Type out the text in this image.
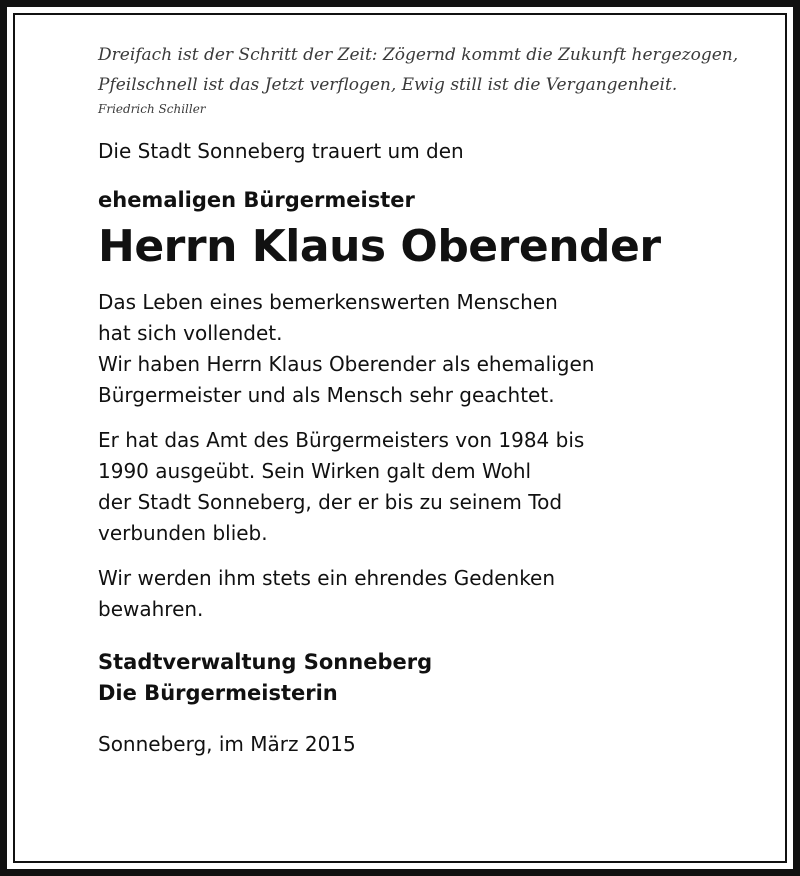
Dreifach ist der Schritt der Zeit: Zögernd kommt die Zukunft hergezogen,
Pfeilschnell ist das Jetzt verflogen, Ewig still ist die Vergangenheit.
Friedrich Schiller

Die Stadt Sonneberg trauert um den

ehemaligen Bürgermeister
Herrn Klaus Oberender

Das Leben eines bemerkenswerten Menschen
hat sich vollendet.
Wir haben Herrn Klaus Oberender als ehemaligen
Bürgermeister und als Mensch sehr geachtet.

Er hat das Amt des Bürgermeisters von 1984 bis
1990 ausgeübt. Sein Wirken galt dem Wohl
der Stadt Sonneberg, der er bis zu seinem Tod
verbunden blieb.

Wir werden ihm stets ein ehrendes Gedenken
bewahren.

Stadtverwaltung Sonneberg
Die Bürgermeisterin

Sonneberg, im März 2015
